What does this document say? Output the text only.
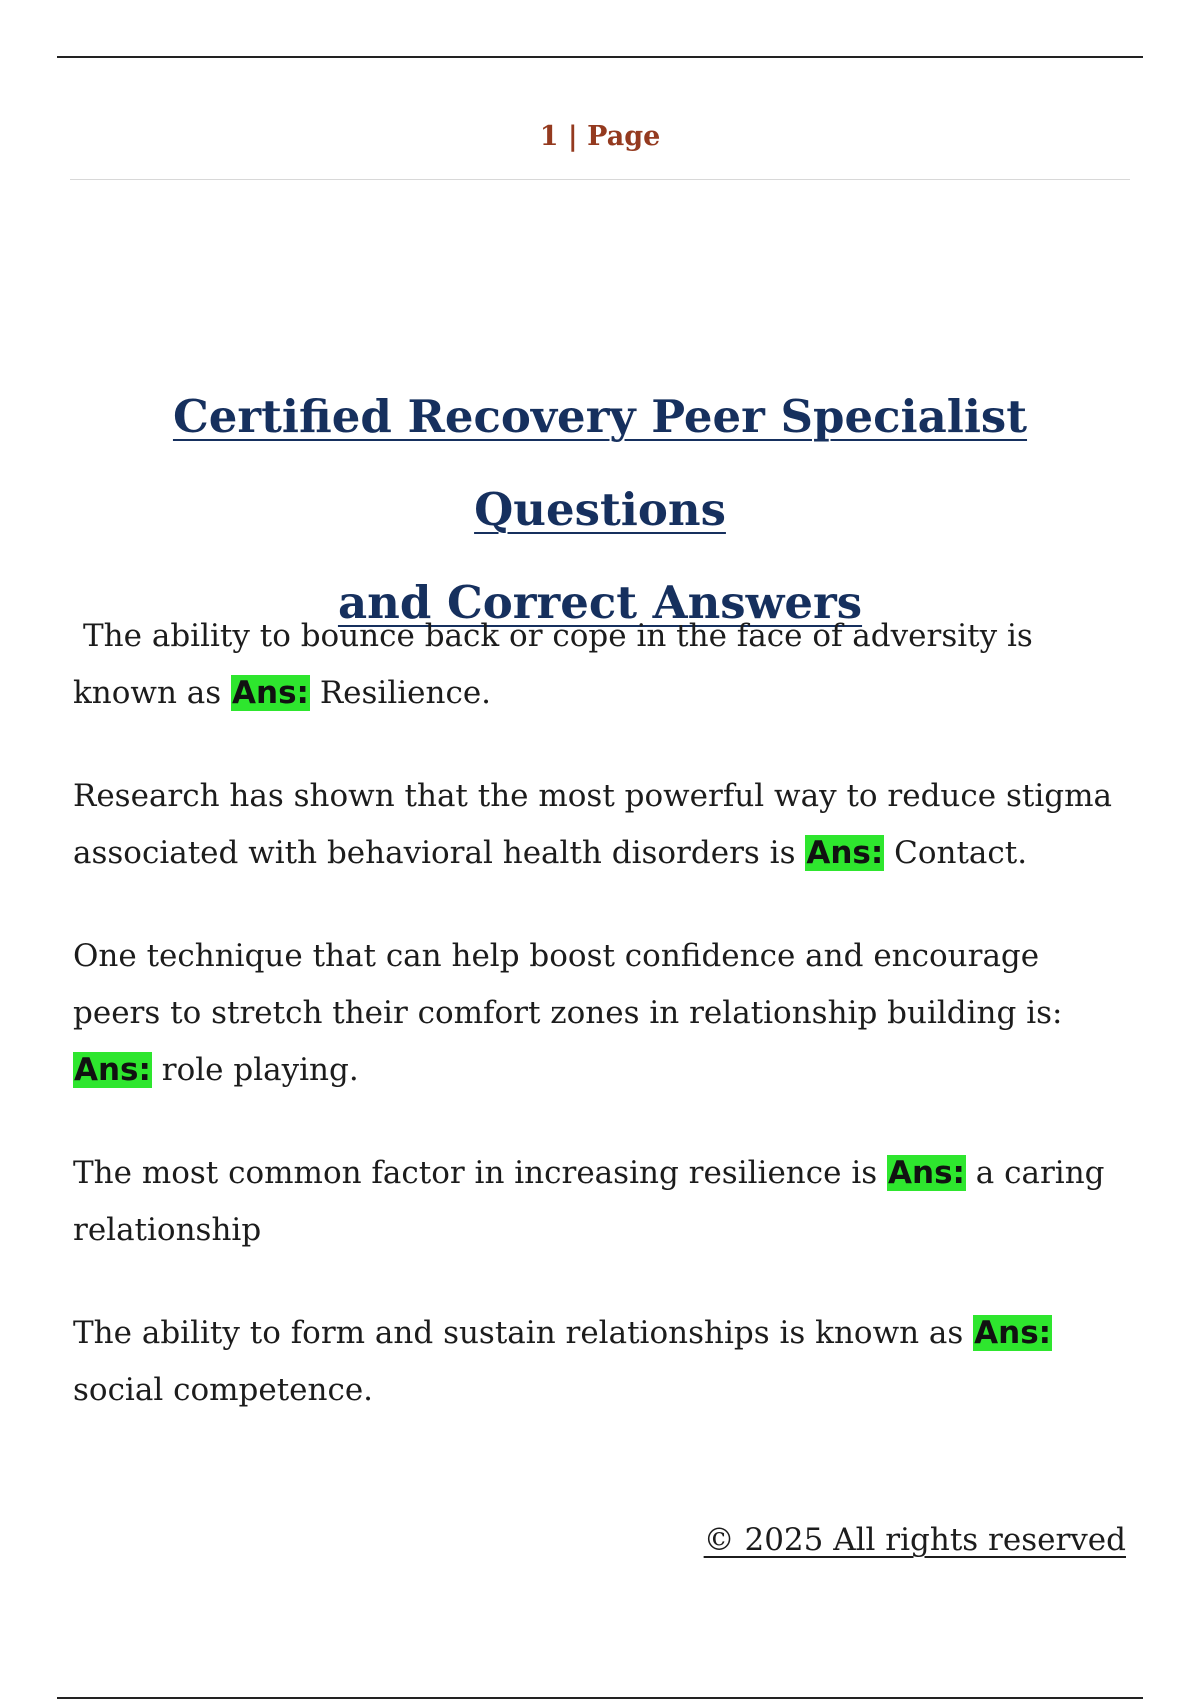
1 | Page
Certified Recovery Peer Specialist Questions
and Correct Answers

The ability to bounce back or cope in the face of adversity is known as Ans: Resilience.

Research has shown that the most powerful way to reduce stigma associated with behavioral health disorders is Ans: Contact.

One technique that can help boost confidence and encourage peers to stretch their comfort zones in relationship building is: Ans: role playing.

The most common factor in increasing resilience is Ans: a caring relationship

The ability to form and sustain relationships is known as Ans: social competence.

© 2025 All rights reserved
